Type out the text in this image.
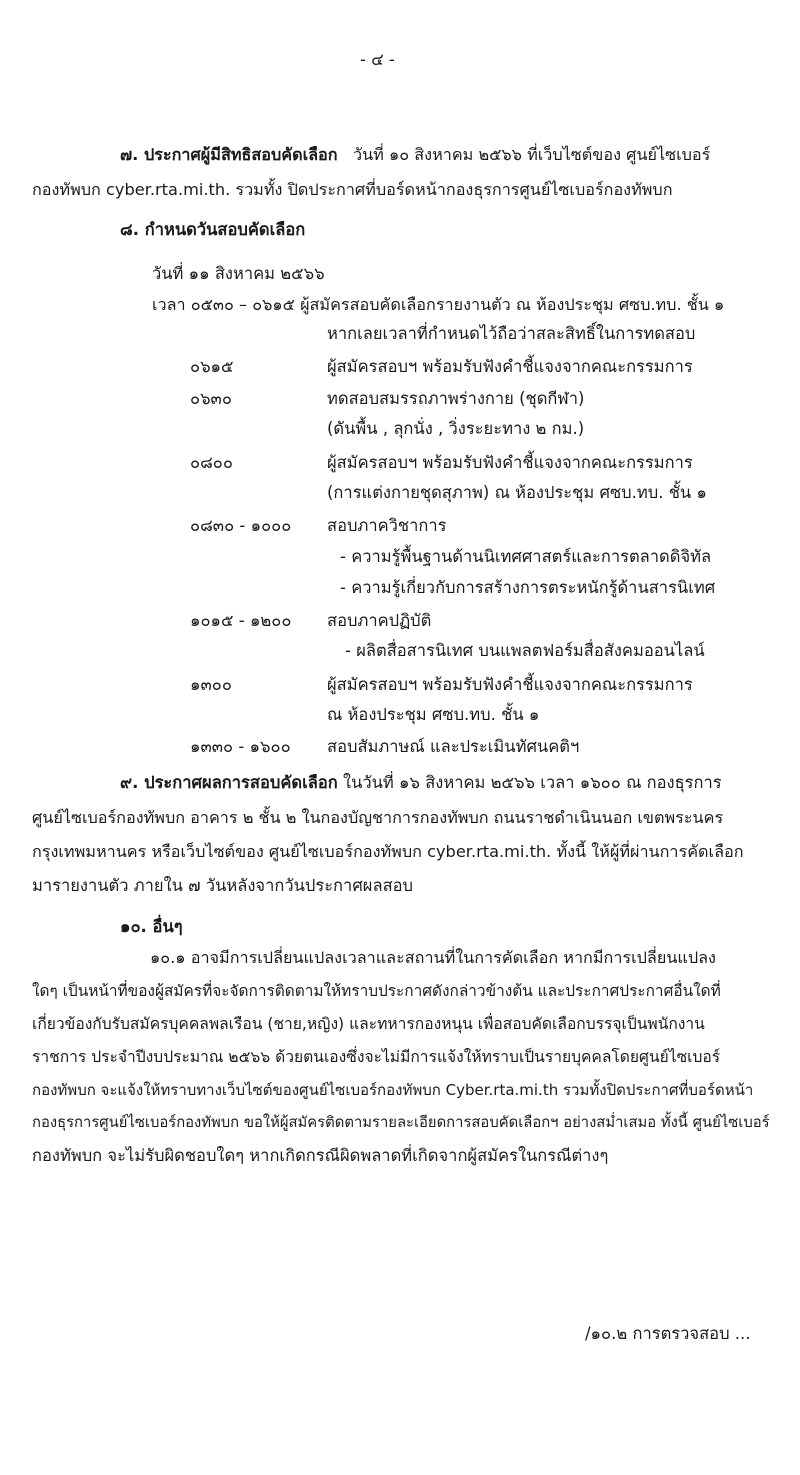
- ๔ -
๗. ประกาศผู้มีสิทธิสอบคัดเลือก วันที่ ๑๐ สิงหาคม ๒๕๖๖ ที่เว็บไซต์ของ ศูนย์ไซเบอร์
กองทัพบก cyber.rta.mi.th. รวมทั้ง ปิดประกาศที่บอร์ดหน้ากองธุรการศูนย์ไซเบอร์กองทัพบก
๘. กำหนดวันสอบคัดเลือก
วันที่ ๑๑ สิงหาคม ๒๕๖๖
เวลา ๐๕๓๐ – ๐๖๑๕ ผู้สมัครสอบคัดเลือกรายงานตัว ณ ห้องประชุม ศซบ.ทบ. ชั้น ๑
หากเลยเวลาที่กำหนดไว้ถือว่าสละสิทธิ์ในการทดสอบ
๐๖๑๕	ผู้สมัครสอบฯ พร้อมรับฟังคำชี้แจงจากคณะกรรมการ
๐๖๓๐	ทดสอบสมรรถภาพร่างกาย (ชุดกีฬา)
(ดันพื้น , ลุกนั่ง , วิ่งระยะทาง ๒ กม.)
๐๘๐๐	ผู้สมัครสอบฯ พร้อมรับฟังคำชี้แจงจากคณะกรรมการ
(การแต่งกายชุดสุภาพ) ณ ห้องประชุม ศซบ.ทบ. ชั้น ๑
๐๘๓๐ - ๑๐๐๐ สอบภาควิชาการ
- ความรู้พื้นฐานด้านนิเทศศาสตร์และการตลาดดิจิทัล
- ความรู้เกี่ยวกับการสร้างการตระหนักรู้ด้านสารนิเทศ
๑๐๑๕ - ๑๒๐๐ สอบภาคปฏิบัติ
- ผลิตสื่อสารนิเทศ บนแพลตฟอร์มสื่อสังคมออนไลน์
๑๓๐๐	ผู้สมัครสอบฯ พร้อมรับฟังคำชี้แจงจากคณะกรรมการ
ณ ห้องประชุม ศซบ.ทบ. ชั้น ๑
๑๓๓๐ - ๑๖๐๐ สอบสัมภาษณ์ และประเมินทัศนคติฯ
๙. ประกาศผลการสอบคัดเลือก ในวันที่ ๑๖ สิงหาคม ๒๕๖๖ เวลา ๑๖๐๐ ณ กองธุรการ
ศูนย์ไซเบอร์กองทัพบก อาคาร ๒ ชั้น ๒ ในกองบัญชาการกองทัพบก ถนนราชดำเนินนอก เขตพระนคร
กรุงเทพมหานคร หรือเว็บไซต์ของ ศูนย์ไซเบอร์กองทัพบก cyber.rta.mi.th. ทั้งนี้ ให้ผู้ที่ผ่านการคัดเลือก
มารายงานตัว ภายใน ๗ วันหลังจากวันประกาศผลสอบ
๑๐. อื่นๆ
๑๐.๑ อาจมีการเปลี่ยนแปลงเวลาและสถานที่ในการคัดเลือก หากมีการเปลี่ยนแปลง
ใดๆ เป็นหน้าที่ของผู้สมัครที่จะจัดการติดตามให้ทราบประกาศดังกล่าวข้างต้น และประกาศประกาศอื่นใดที่
เกี่ยวข้องกับรับสมัครบุคคลพลเรือน (ชาย,หญิง) และทหารกองหนุน เพื่อสอบคัดเลือกบรรจุเป็นพนักงาน
ราชการ ประจำปีงบประมาณ ๒๕๖๖ ด้วยตนเองซึ่งจะไม่มีการแจ้งให้ทราบเป็นรายบุคคลโดยศูนย์ไซเบอร์
กองทัพบก จะแจ้งให้ทราบทางเว็บไซต์ของศูนย์ไซเบอร์กองทัพบก Cyber.rta.mi.th รวมทั้งปิดประกาศที่บอร์ดหน้า
กองธุรการศูนย์ไซเบอร์กองทัพบก ขอให้ผู้สมัครติดตามรายละเอียดการสอบคัดเลือกฯ อย่างสม่ำเสมอ ทั้งนี้ ศูนย์ไซเบอร์
กองทัพบก จะไม่รับผิดชอบใดๆ หากเกิดกรณีผิดพลาดที่เกิดจากผู้สมัครในกรณีต่างๆ
/๑๐.๒ การตรวจสอบ ...
